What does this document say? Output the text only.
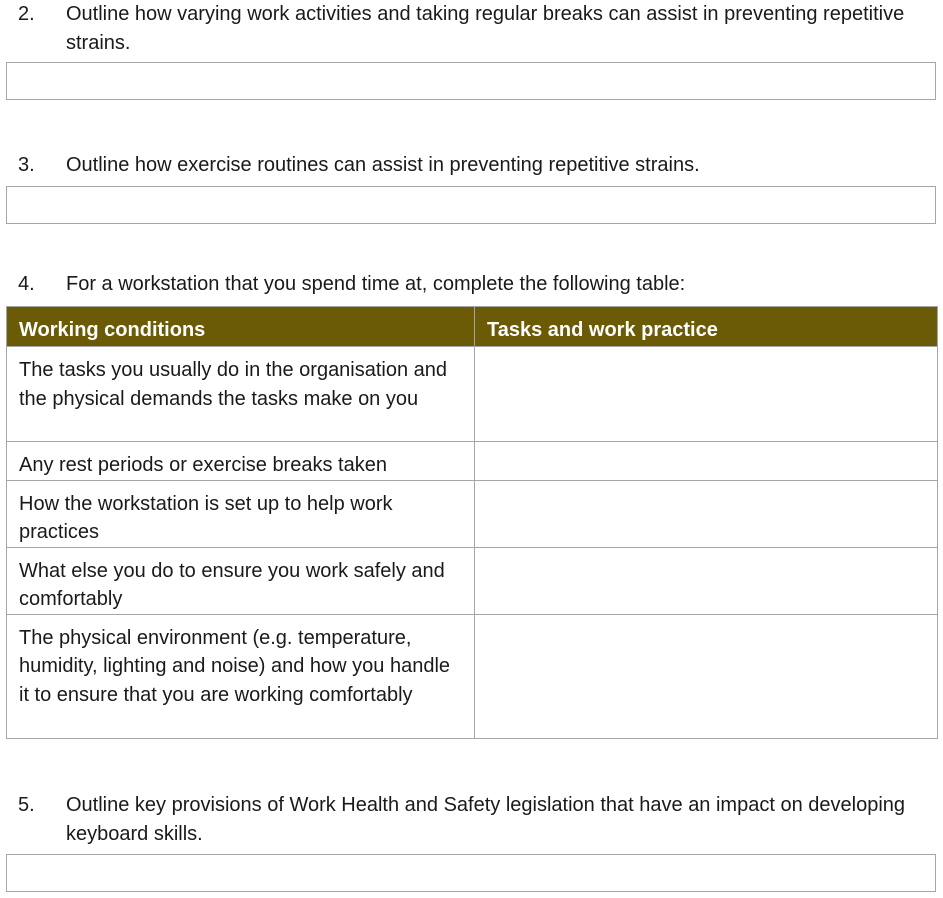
2.	Outline how varying work activities and taking regular breaks can assist in preventing repetitive strains.
3.	Outline how exercise routines can assist in preventing repetitive strains.
4.	For a workstation that you spend time at, complete the following table:
Working conditions	Tasks and work practice
The tasks you usually do in the organisation and the physical demands the tasks make on you	
Any rest periods or exercise breaks taken	
How the workstation is set up to help work practices	
What else you do to ensure you work safely and comfortably	
The physical environment (e.g. temperature, humidity, lighting and noise) and how you handle it to ensure that you are working comfortably	
5.	Outline key provisions of Work Health and Safety legislation that have an impact on developing keyboard skills.
